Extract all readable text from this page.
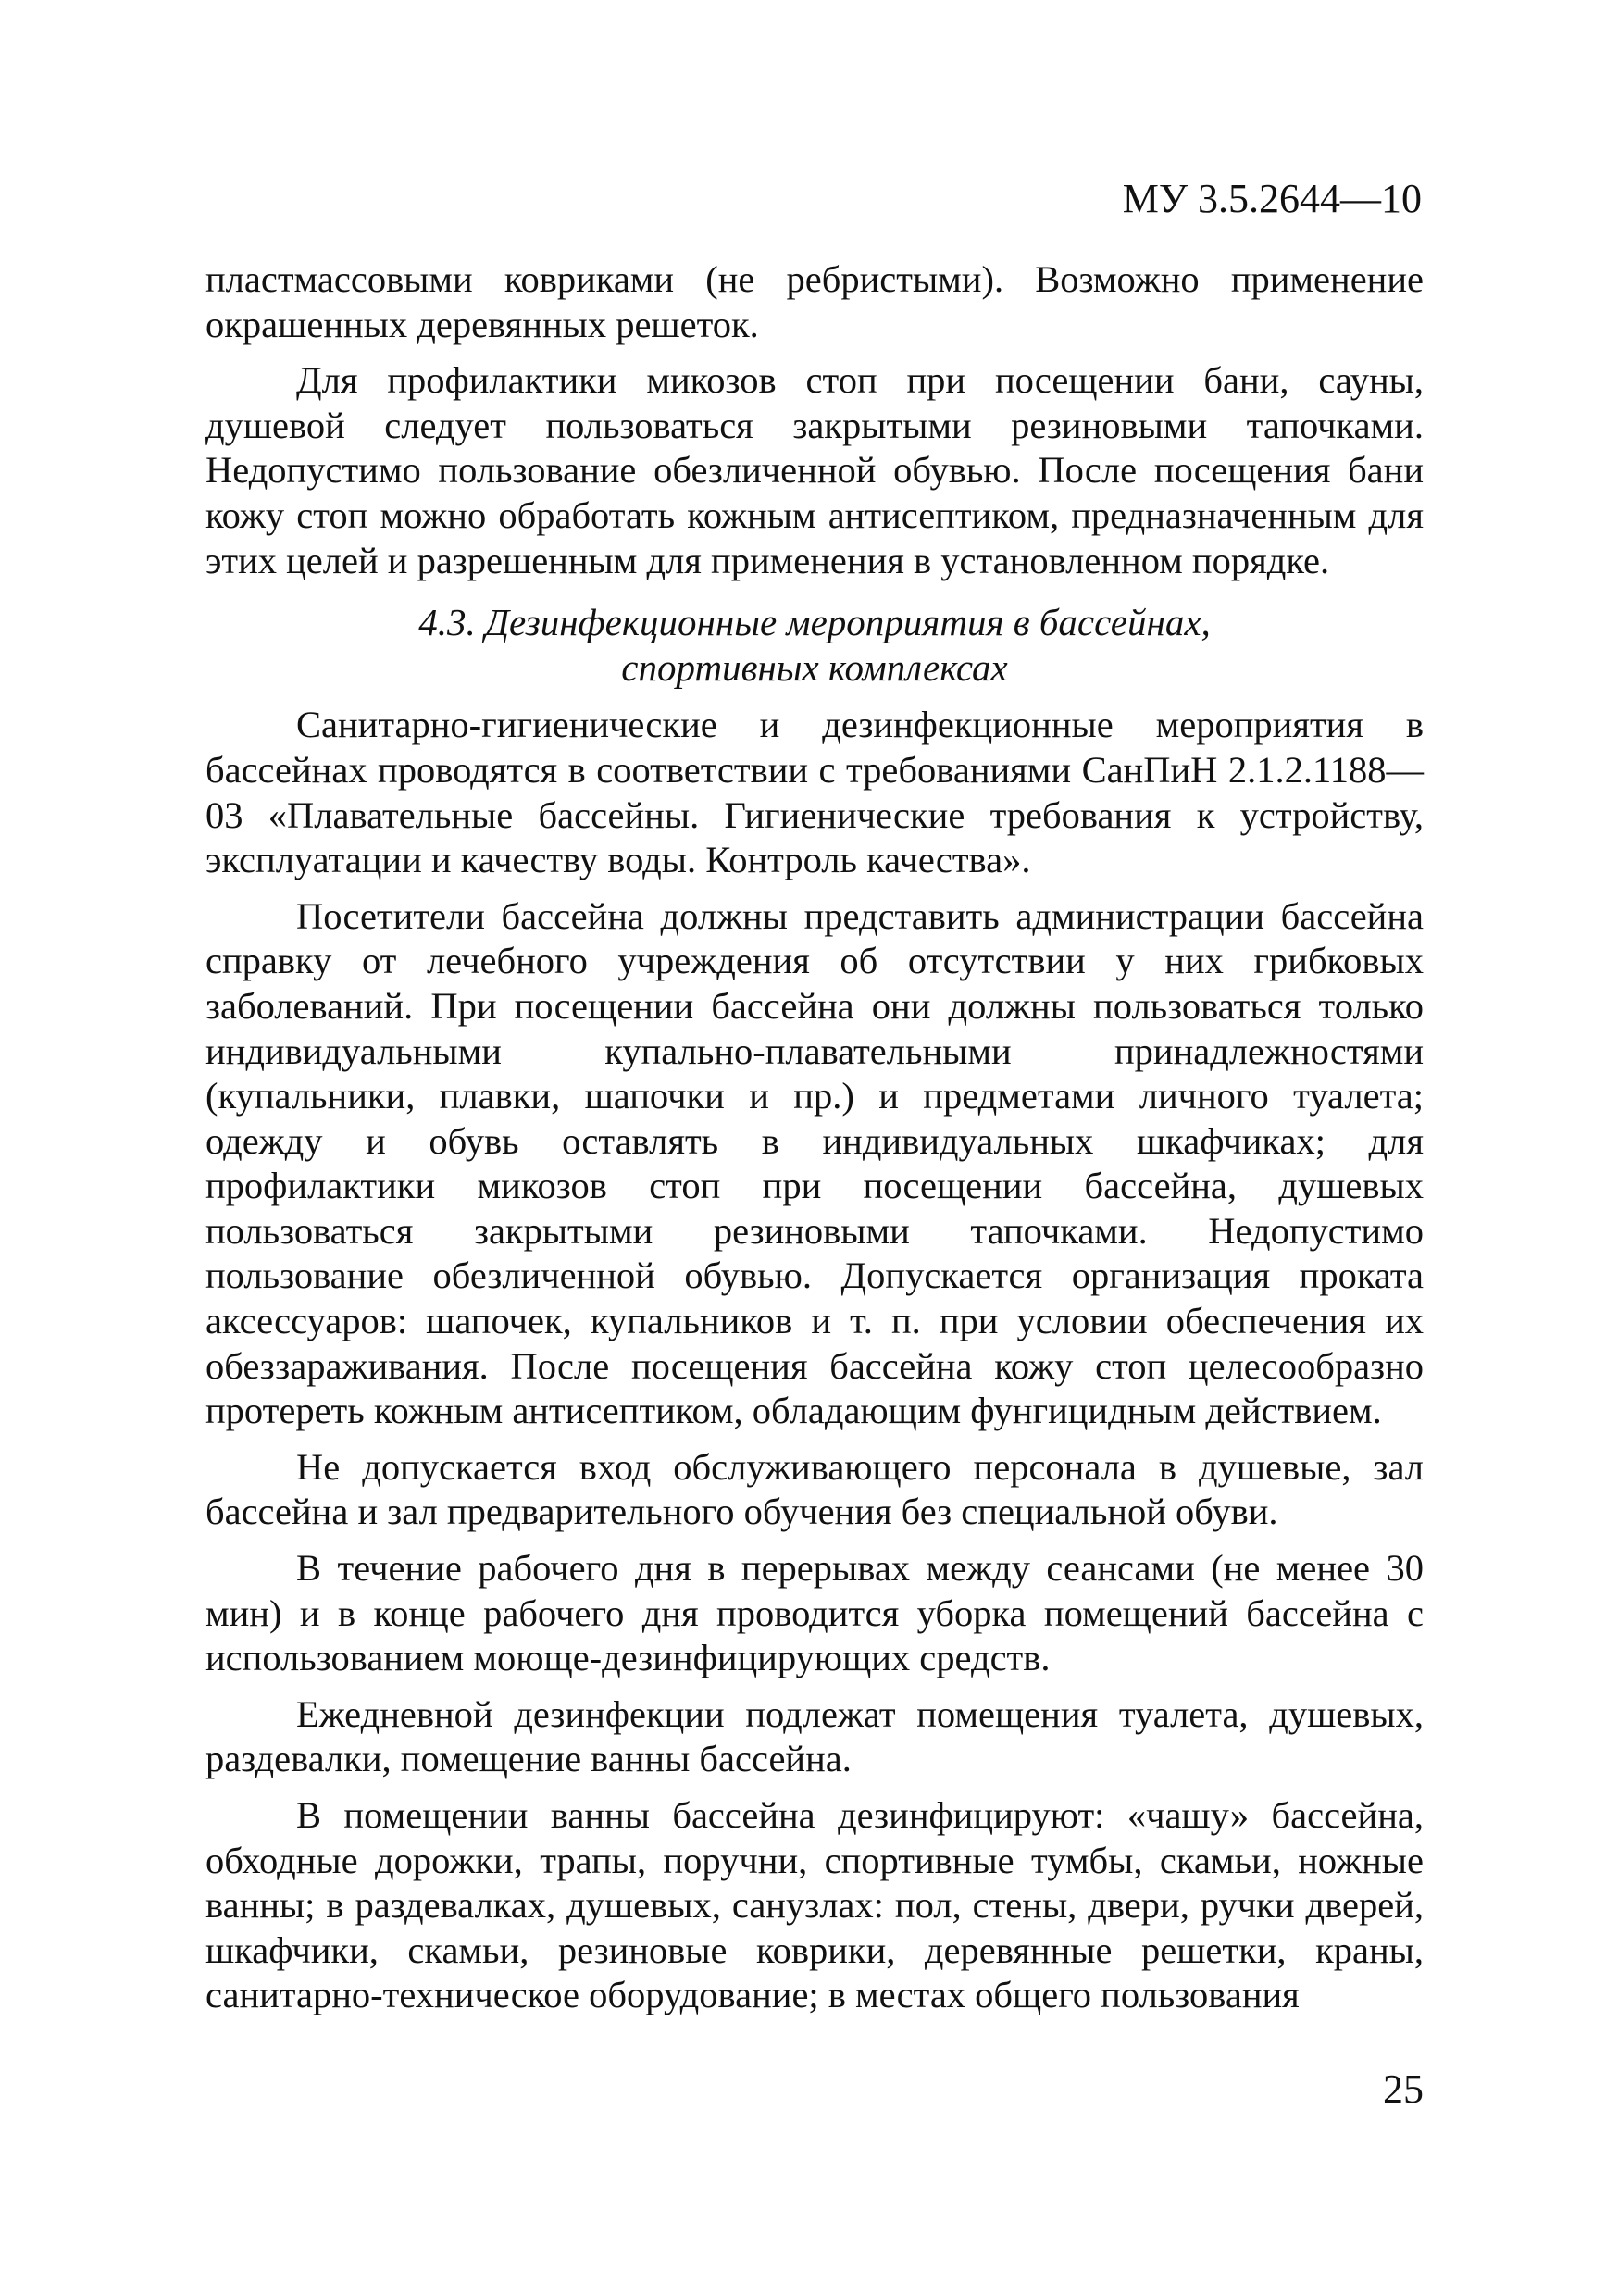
МУ 3.5.2644—10

пластмассовыми ковриками (не ребристыми). Возможно применение окрашенных деревянных решеток.

Для профилактики микозов стоп при посещении бани, сауны, душевой следует пользоваться закрытыми резиновыми тапочками. Недопустимо пользование обезличенной обувью. После посещения бани кожу стоп можно обработать кожным антисептиком, предназначенным для этих целей и разрешенным для применения в установленном порядке.

4.3. Дезинфекционные мероприятия в бассейнах,
спортивных комплексах

Санитарно-гигиенические и дезинфекционные мероприятия в бассейнах проводятся в соответствии с требованиями СанПиН 2.1.2.1188—03 «Плавательные бассейны. Гигиенические требования к устройству, эксплуатации и качеству воды. Контроль качества».

Посетители бассейна должны представить администрации бассейна справку от лечебного учреждения об отсутствии у них грибковых заболеваний. При посещении бассейна они должны пользоваться только индивидуальными купально-плавательными принадлежностями (купальники, плавки, шапочки и пр.) и предметами личного туалета; одежду и обувь оставлять в индивидуальных шкафчиках; для профилактики микозов стоп при посещении бассейна, душевых пользоваться закрытыми резиновыми тапочками. Недопустимо пользование обезличенной обувью. Допускается организация проката аксессуаров: шапочек, купальников и т. п. при условии обеспечения их обеззараживания. После посещения бассейна кожу стоп целесообразно протереть кожным антисептиком, обладающим фунгицидным действием.

Не допускается вход обслуживающего персонала в душевые, зал бассейна и зал предварительного обучения без специальной обуви.

В течение рабочего дня в перерывах между сеансами (не менее 30 мин) и в конце рабочего дня проводится уборка помещений бассейна с использованием моюще-дезинфицирующих средств.

Ежедневной дезинфекции подлежат помещения туалета, душевых, раздевалки, помещение ванны бассейна.

В помещении ванны бассейна дезинфицируют: «чашу» бассейна, обходные дорожки, трапы, поручни, спортивные тумбы, скамьи, ножные ванны; в раздевалках, душевых, санузлах: пол, стены, двери, ручки дверей, шкафчики, скамьи, резиновые коврики, деревянные решетки, краны, санитарно-техническое оборудование; в местах общего пользования

25
